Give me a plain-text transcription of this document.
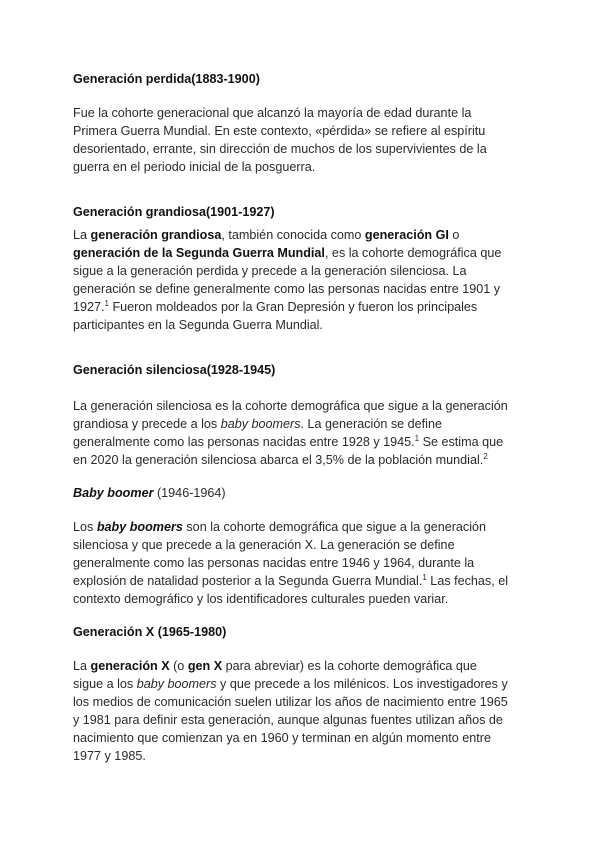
Generación perdida(1883-1900)
Fue la cohorte generacional que alcanzó la mayoría de edad durante la
Primera Guerra Mundial. En este contexto, «pérdida» se refiere al espíritu
desorientado, errante, sin dirección de muchos de los supervivientes de la
guerra en el periodo inicial de la posguerra.
Generación grandiosa(1901-1927)
La generación grandiosa, también conocida como generación GI o
generación de la Segunda Guerra Mundial, es la cohorte demográfica que
sigue a la generación perdida y precede a la generación silenciosa. La
generación se define generalmente como las personas nacidas entre 1901 y
1927.$^1$ Fueron moldeados por la Gran Depresión y fueron los principales
participantes en la Segunda Guerra Mundial.
Generación silenciosa(1928-1945)
La generación silenciosa es la cohorte demográfica que sigue a la generación
grandiosa y precede a los baby boomers. La generación se define
generalmente como las personas nacidas entre 1928 y 1945.$^1$ Se estima que
en 2020 la generación silenciosa abarca el 3,5% de la población mundial.$^2$
Baby boomer (1946-1964)
Los baby boomers son la cohorte demográfica que sigue a la generación
silenciosa y que precede a la generación X. La generación se define
generalmente como las personas nacidas entre 1946 y 1964, durante la
explosión de natalidad posterior a la Segunda Guerra Mundial.$^1$ Las fechas, el
contexto demográfico y los identificadores culturales pueden variar.
Generación X (1965-1980)
La generación X (o gen X para abreviar) es la cohorte demográfica que
sigue a los baby boomers y que precede a los milénicos. Los investigadores y
los medios de comunicación suelen utilizar los años de nacimiento entre 1965
y 1981 para definir esta generación, aunque algunas fuentes utilizan años de
nacimiento que comienzan ya en 1960 y terminan en algún momento entre
1977 y 1985.
